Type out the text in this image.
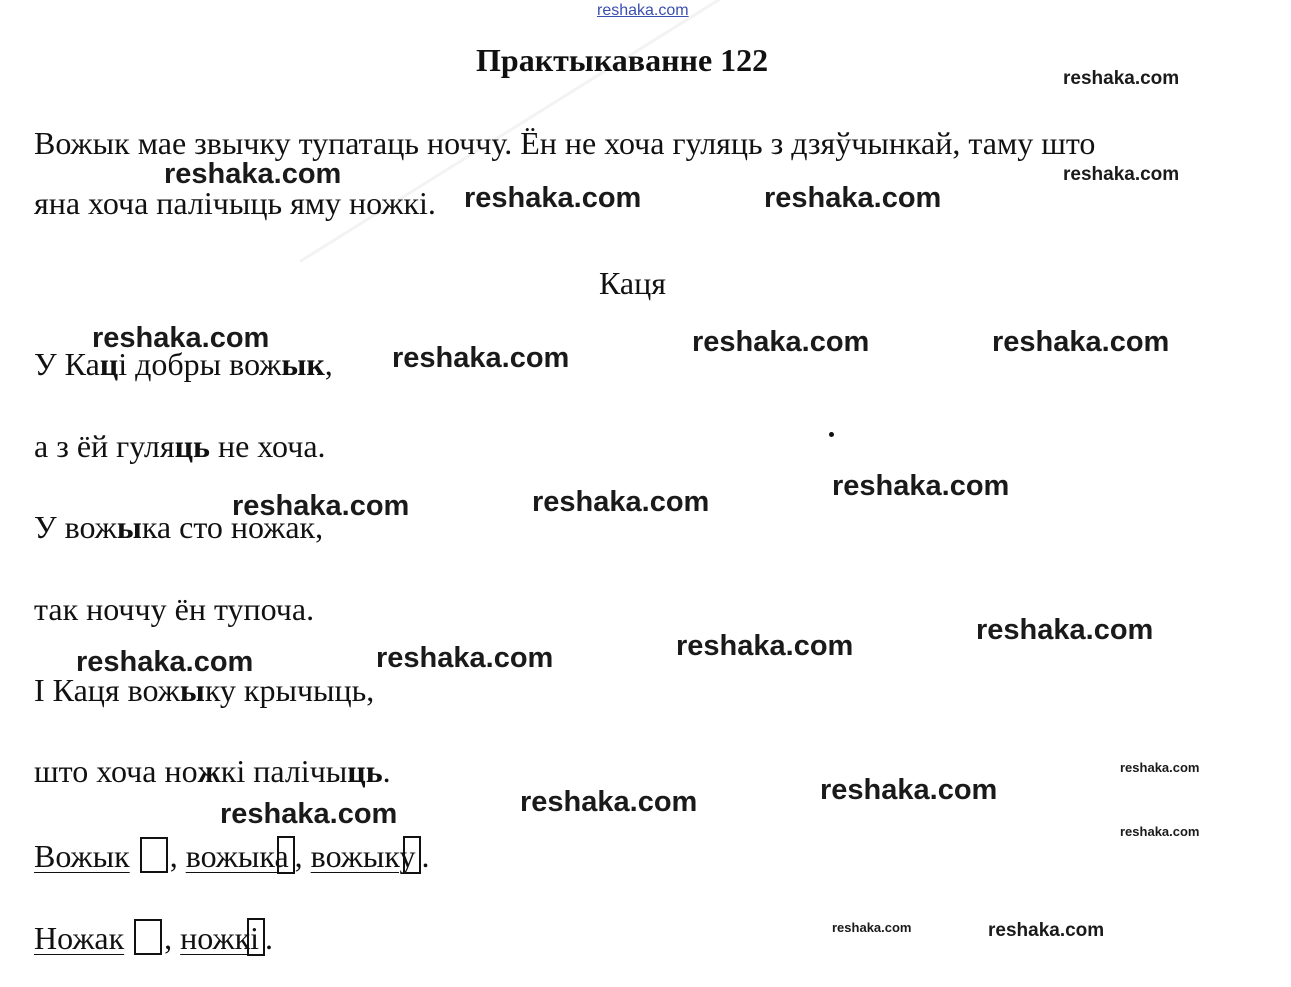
reshaka.com
Практыкаванне 122
Вожык мае звычку тупатаць ноччу. Ён не хоча гуляць з дзяўчынкай, таму што
яна хоча палічыць яму ножкі.
Каця
У Каці добры вожык,
а з ёй гуляць не хоча.
У вожыка сто ножак,
так ноччу ён тупоча.
І Каця вожыку крычыць,
што хоча ножкі палічыць.
Вожык , вожыка , вожыку .
Ножак , ножкі .
reshaka.com
reshaka.com
reshaka.com
reshaka.com	reshaka.com
reshaka.com
reshaka.com	reshaka.com	reshaka.com
reshaka.com	reshaka.com	reshaka.com
reshaka.com
reshaka.com
reshaka.com
reshaka.com
reshaka.com
reshaka.com
reshaka.com
reshaka.com
reshaka.com
reshaka.com	reshaka.com
